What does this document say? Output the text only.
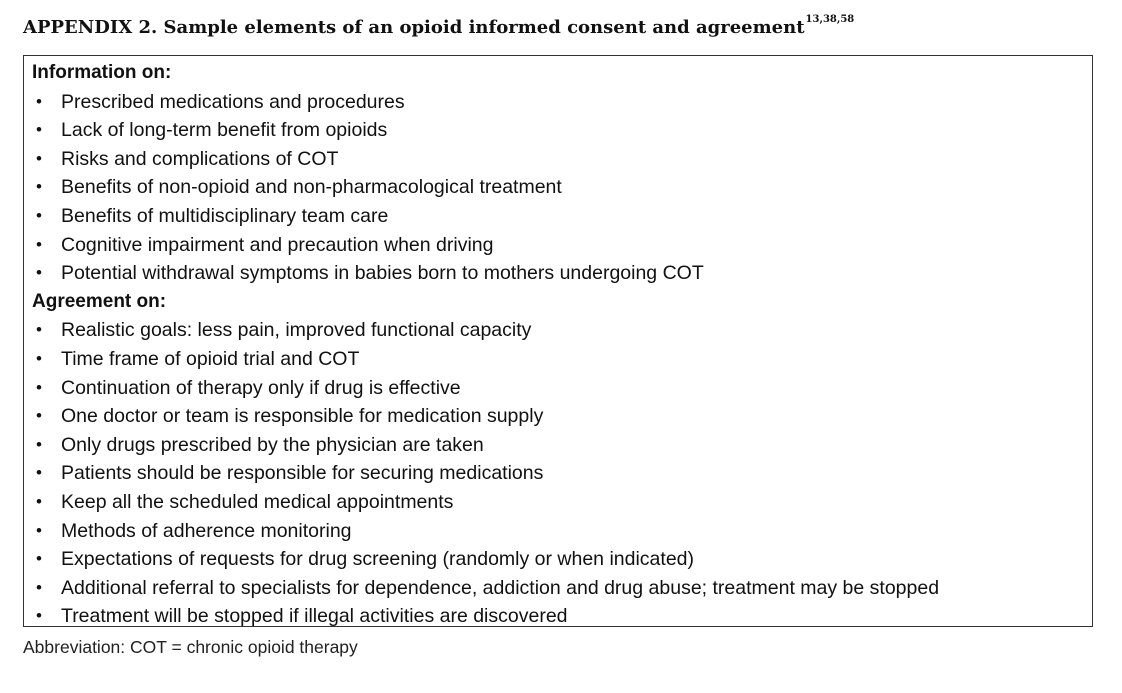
APPENDIX 2. Sample elements of an opioid informed consent and agreement$^{13,38,58}$
Information on:
• Prescribed medications and procedures
• Lack of long-term benefit from opioids
• Risks and complications of COT
• Benefits of non-opioid and non-pharmacological treatment
• Benefits of multidisciplinary team care
• Cognitive impairment and precaution when driving
• Potential withdrawal symptoms in babies born to mothers undergoing COT
Agreement on:
• Realistic goals: less pain, improved functional capacity
• Time frame of opioid trial and COT
• Continuation of therapy only if drug is effective
• One doctor or team is responsible for medication supply
• Only drugs prescribed by the physician are taken
• Patients should be responsible for securing medications
• Keep all the scheduled medical appointments
• Methods of adherence monitoring
• Expectations of requests for drug screening (randomly or when indicated)
• Additional referral to specialists for dependence, addiction and drug abuse; treatment may be stopped
• Treatment will be stopped if illegal activities are discovered
Abbreviation: COT = chronic opioid therapy
